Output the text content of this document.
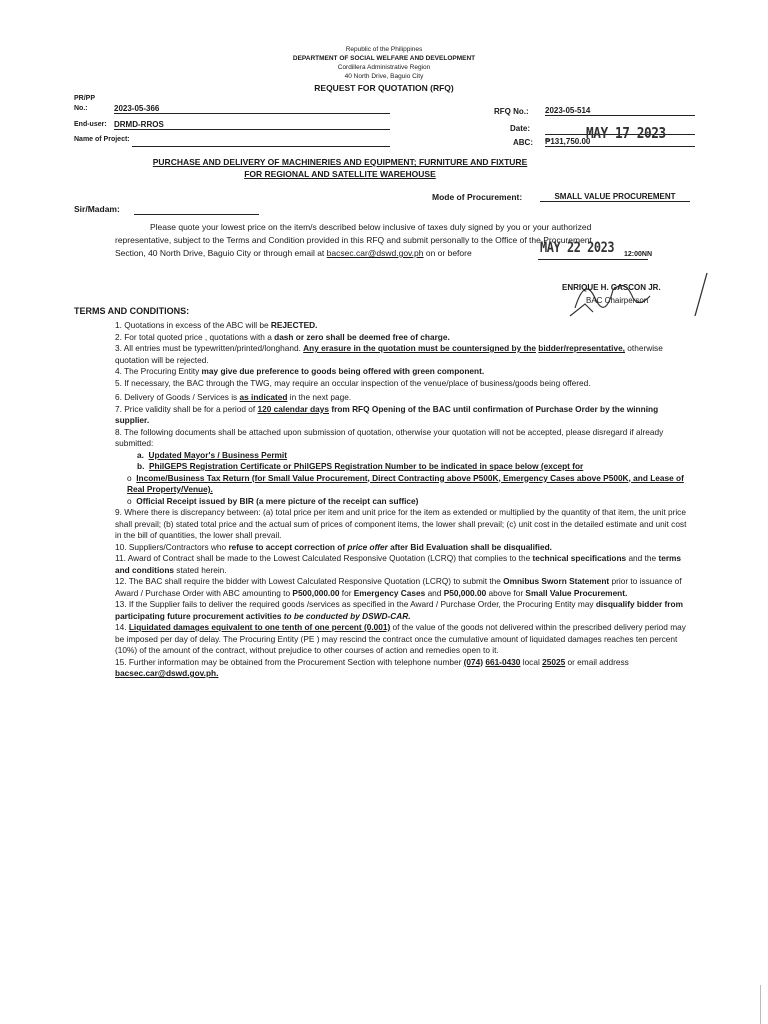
Republic of the Philippines
DEPARTMENT OF SOCIAL WELFARE AND DEVELOPMENT
Cordillera Administrative Region
40 North Drive, Baguio City
REQUEST FOR QUOTATION (RFQ)
PR/PP
No.:	2023-05-366
End-user: DRMD-RROS
Name of Project:
RFQ No.: 2023-05-514
Date:	MAY 17 2023
ABC: ₱131,750.00
PURCHASE AND DELIVERY OF MACHINERIES AND EQUIPMENT; FURNITURE AND FIXTURE
FOR REGIONAL AND SATELLITE WAREHOUSE
Mode of Procurement:	SMALL VALUE PROCUREMENT
Sir/Madam:
Please quote your lowest price on the item/s described below inclusive of taxes duly signed by you or your authorized
representative, subject to the Terms and Condition provided in this RFQ and submit personally to the Office of the Procurement
Section, 40 North Drive, Baguio City or through email at bacsec.car@dswd.gov.ph on or before	MAY 22 2023 12:00NN
ENRIQUE H. GASCON JR.
BAC Chairperson
TERMS AND CONDITIONS:

1. Quotations in excess of the ABC will be REJECTED.

2. For total quoted price , quotations with a dash or zero shall be deemed free of charge.

3. All entries must be typewritten/printed/longhand. Any erasure in the quotation must be countersigned by the bidder/representative, otherwise quotation will be rejected.

4. The Procuring Entity may give due preference to goods being offered with green component.

5. If necessary, the BAC through the TWG, may require an occular inspection of the venue/place of business/goods being offered.

6. Delivery of Goods / Services is as indicated in the next page.

7. Price validity shall be for a period of 120 calendar days from RFQ Opening of the BAC until confirmation of Purchase Order by the winning supplier.

8. The following documents shall be attached upon submission of quotation, otherwise your quotation will not be accepted, please disregard if already submitted:

a. Updated Mayor's / Business Permit

b. PhilGEPS Registration Certificate or PhilGEPS Registration Number to be indicated in space below (except for

o Income/Business Tax Return (for Small Value Procurement, Direct Contracting above P500K, Emergency Cases above P500K, and Lease of Real Property/Venue).

o Official Receipt issued by BIR (a mere picture of the receipt can suffice)

9. Where there is discrepancy between: (a) total price per item and unit price for the item as extended or multiplied by the quantity of that item, the unit price shall prevail; (b) stated total price and the actual sum of prices of component items, the lower shall prevail; (c) unit cost in the detailed estimate and unit cost in the bill of quantities, the lower shall prevail.

10. Suppliers/Contractors who refuse to accept correction of price offer after Bid Evaluation shall be disqualified.

11. Award of Contract shall be made to the Lowest Calculated Responsive Quotation (LCRQ) that complies to the technical specifications and the terms and conditions stated herein.

12. The BAC shall require the bidder with Lowest Calculated Responsive Quotation (LCRQ) to submit the Omnibus Sworn Statement prior to issuance of Award / Purchase Order with ABC amounting to P500,000.00 for Emergency Cases and P50,000.00 above for Small Value Procurement.

13. If the Supplier fails to deliver the required goods /services as specified in the Award / Purchase Order, the Procuring Entity may disqualify bidder from participating future procurement activities to be conducted by DSWD-CAR.

14. Liquidated damages equivalent to one tenth of one percent (0.001) of the value of the goods not delivered within the prescribed delivery period may be imposed per day of delay. The Procuring Entity (PE ) may rescind the contract once the cumulative amount of liquidated damages reaches ten percent (10%) of the amount of the contract, without prejudice to other courses of action and remedies open to it.

15. Further information may be obtained from the Procurement Section with telephone number (074) 661-0430 local 25025 or email address bacsec.car@dswd.gov.ph.
